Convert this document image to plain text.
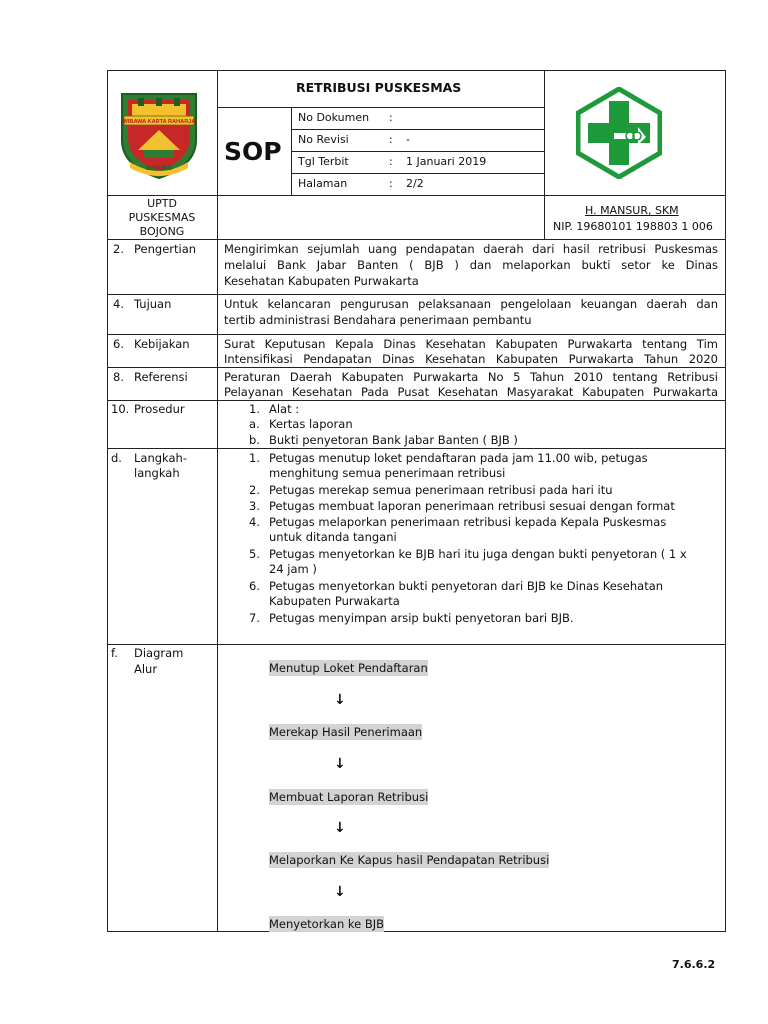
WIBAWA KARTA RAHARJA
BOJONG
RETRIBUSI PUSKESMAS
SOP
No Dokumen :
No Revisi	: -
Tgl Terbit	: 1 Januari 2019
Halaman	: 2/2
UPTD
PUSKESMAS
BOJONG
H. MANSUR, SKM
NIP. 19680101 198803 1 006
2. Pengertian Mengirimkan sejumlah uang pendapatan daerah dari hasil retribusi Puskesmas
melalui Bank Jabar Banten ( BJB ) dan melaporkan bukti setor ke Dinas
Kesehatan Kabupaten Purwakarta
4. Tujuan	Untuk kelancaran pengurusan pelaksanaan pengelolaan keuangan daerah dan
tertib administrasi Bendahara penerimaan pembantu
6. Kebijakan	Surat Keputusan Kepala Dinas Kesehatan Kabupaten Purwakarta tentang Tim
Intensifikasi Pendapatan Dinas Kesehatan Kabupaten Purwakarta Tahun 2020
8. Referensi	Peraturan Daerah Kabupaten Purwakarta No 5 Tahun 2010 tentang Retribusi
Pelayanan Kesehatan Pada Pusat Kesehatan Masyarakat Kabupaten Purwakarta
10. Prosedur	1. Alat :
a. Kertas laporan
b. Bukti penyetoran Bank Jabar Banten ( BJB )
d. Langkah-
langkah
1. Petugas menutup loket pendaftaran pada jam 11.00 wib, petugas
menghitung semua penerimaan retribusi
2. Petugas merekap semua penerimaan retribusi pada hari itu
3. Petugas membuat laporan penerimaan retribusi sesuai dengan format
4. Petugas melaporkan penerimaan retribusi kepada Kepala Puskesmas
untuk ditanda tangani
5. Petugas menyetorkan ke BJB hari itu juga dengan bukti penyetoran ( 1 x
24 jam )
6. Petugas menyetorkan bukti penyetoran dari BJB ke Dinas Kesehatan
Kabupaten Purwakarta
7. Petugas menyimpan arsip bukti penyetoran bari BJB.
f. Diagram
Alur	Menutup Loket Pendaftaran
↓
Merekap Hasil Penerimaan
↓
Membuat Laporan Retribusi
↓
Melaporkan Ke Kapus hasil Pendapatan Retribusi
↓
Menyetorkan ke BJB
7.6.6.2
